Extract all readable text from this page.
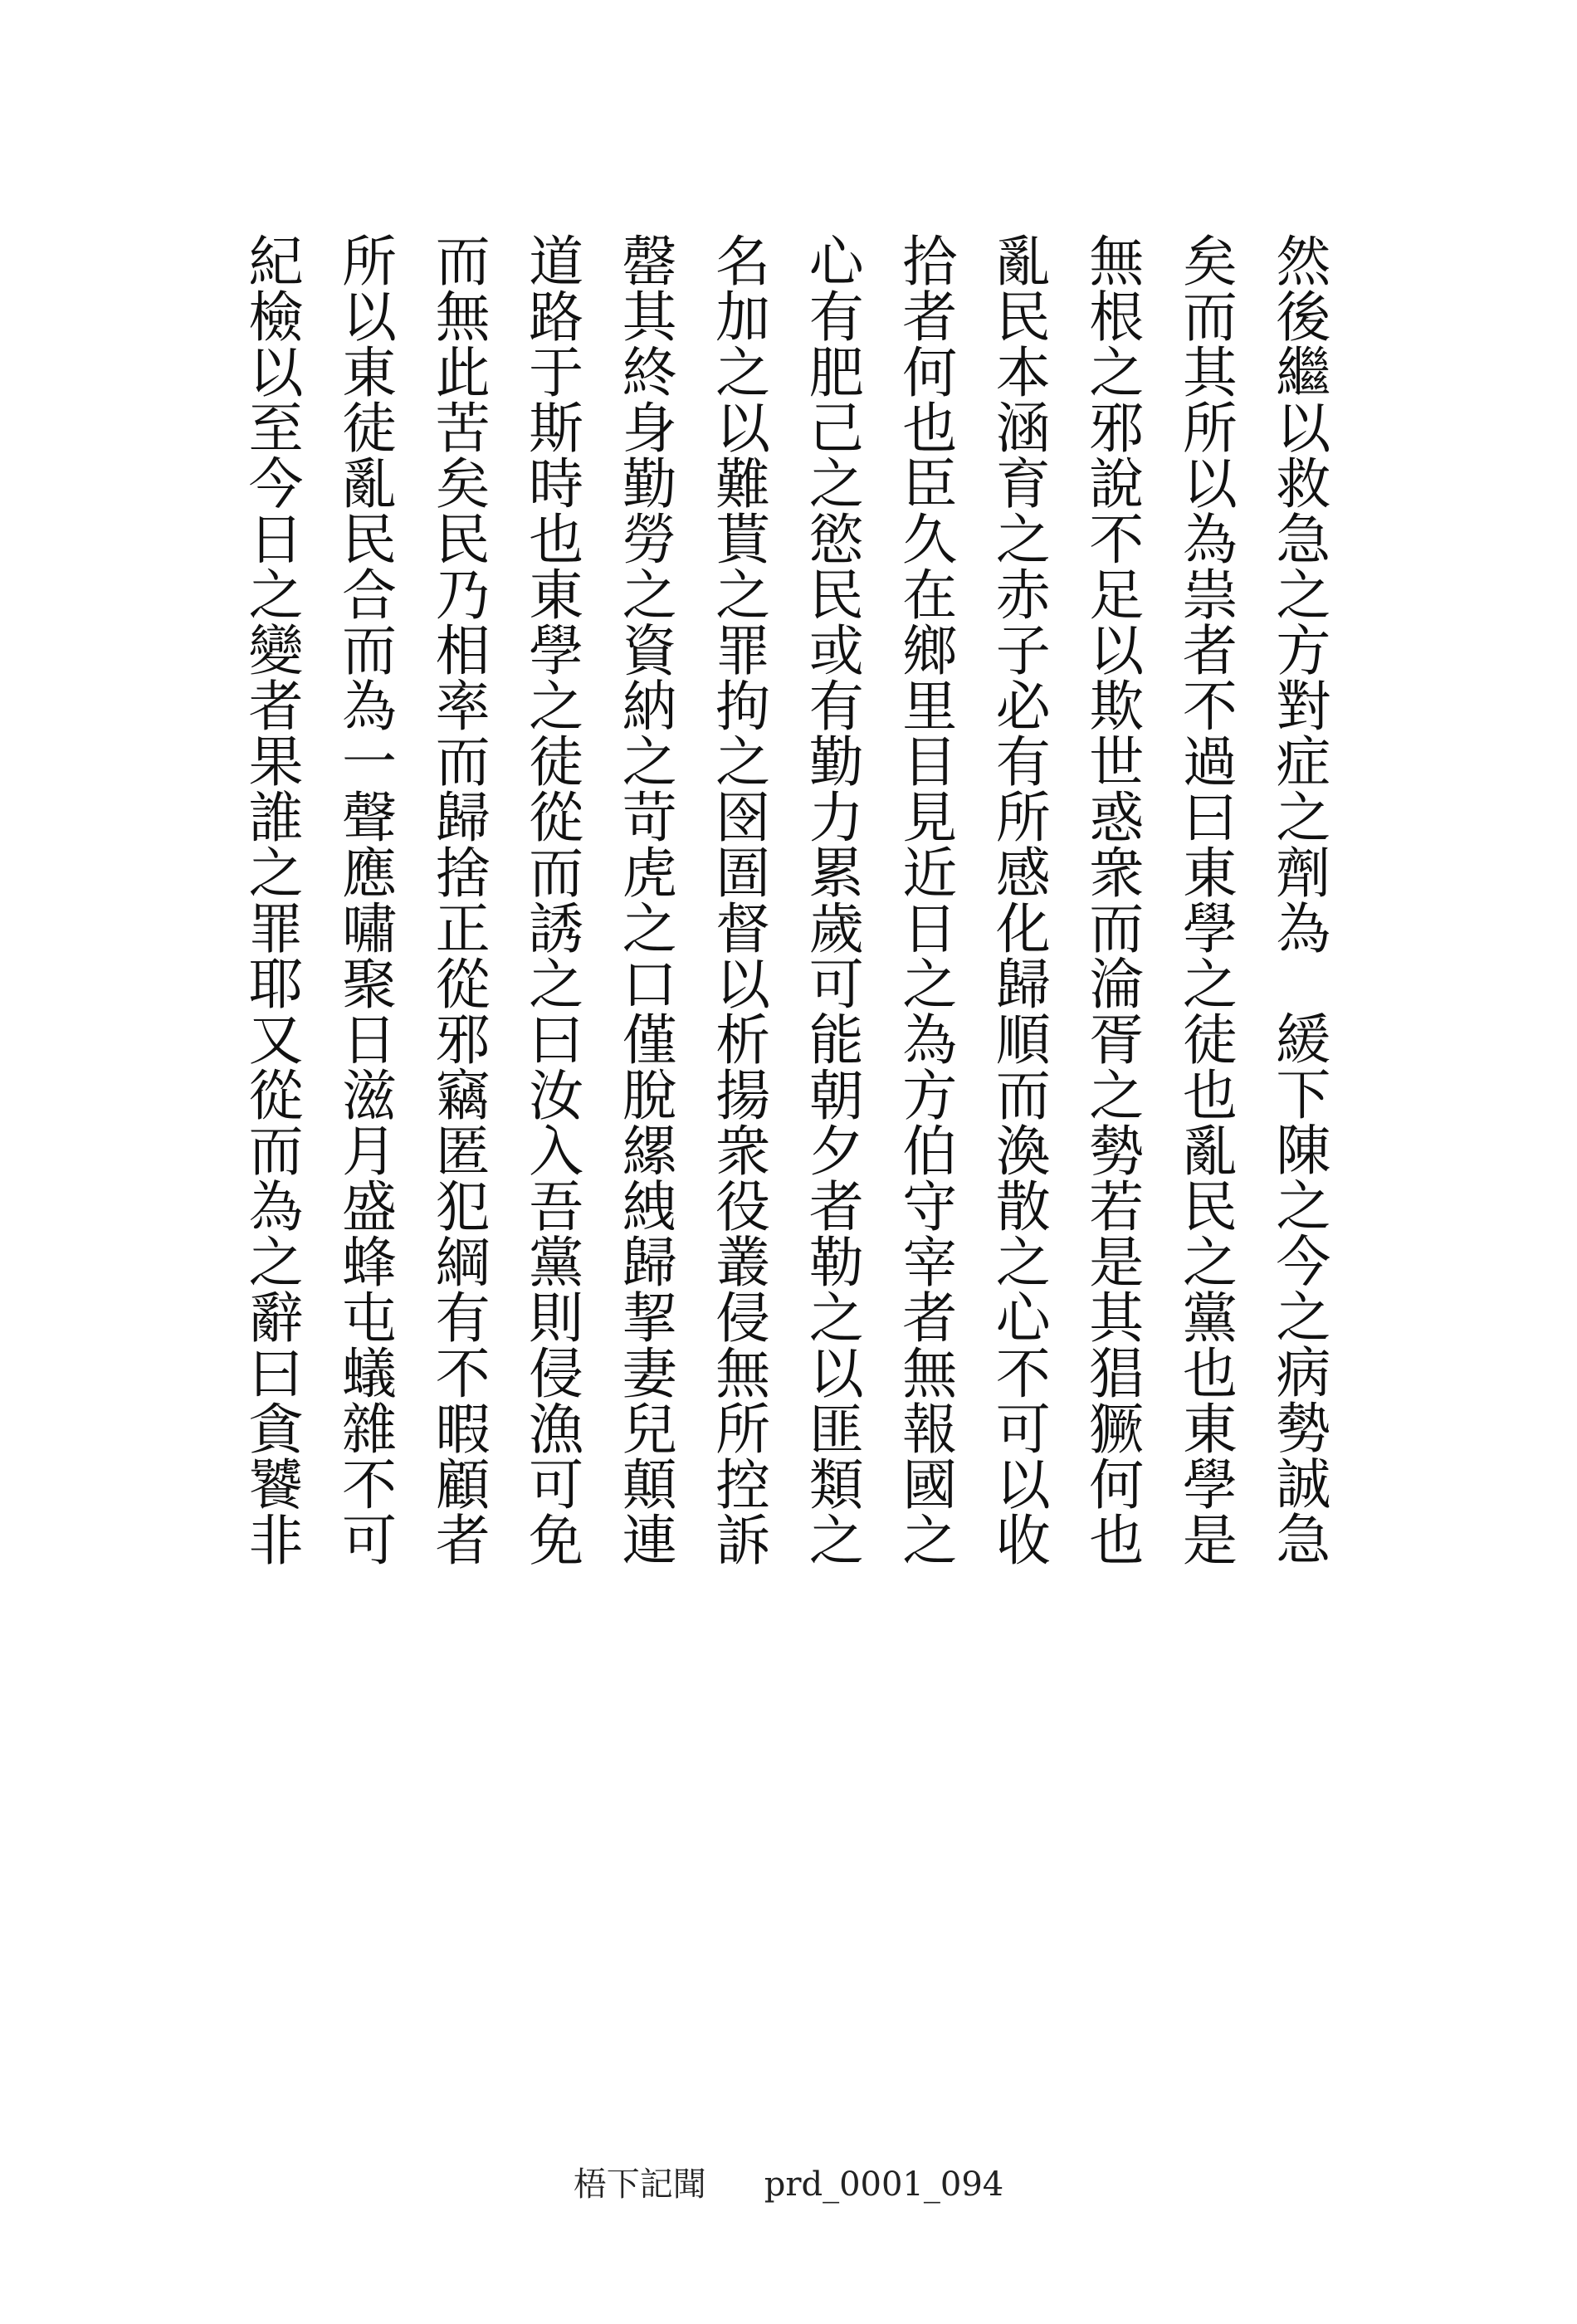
然後繼以救急之方對症之劑為緩下陳之今之病勢誠急
矣而其所以為祟者不過曰東學之徒也亂民之黨也東學是
無根之邪說不足以欺世惑衆而淪胥之勢若是其猖獗何也
亂民本涵育之赤子必有所感化歸順而渙散之心不可以收
拾者何也臣久在鄉里目見近日之為方伯守宰者無報國之
心有肥己之慾民或有勤力累歲可能朝夕者勒之以匪類之
名加之以難貰之罪拘之囹圄督以析揚衆役叢侵無所控訴
罄其終身勤勞之資納之苛虎之口僅脫縲絏歸挈妻兒顛連
道路于斯時也東學之徒從而誘之曰汝入吾黨則侵漁可免
而無此苦矣民乃相率而歸捨正從邪竊匿犯綱有不暇顧者
所以東徒亂民合而為一聲應嘯聚日滋月盛蜂屯蟻雜不可
紀檢以至今日之變者果誰之罪耶又從而為之辭曰貪饕非
梧下記聞 prd_0001_094
